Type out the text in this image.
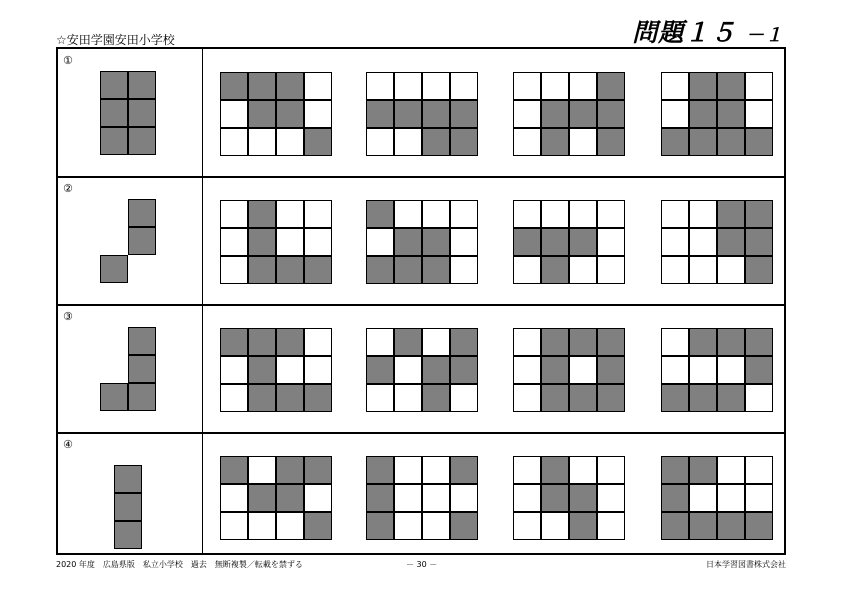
☆安田学園安田小学校	問題１５ －１
①
②
③
④
2020 年度　広島県版　私立小学校　過去　無断複製／転載を禁ずる	－ 30 －	日本学習図書株式会社
